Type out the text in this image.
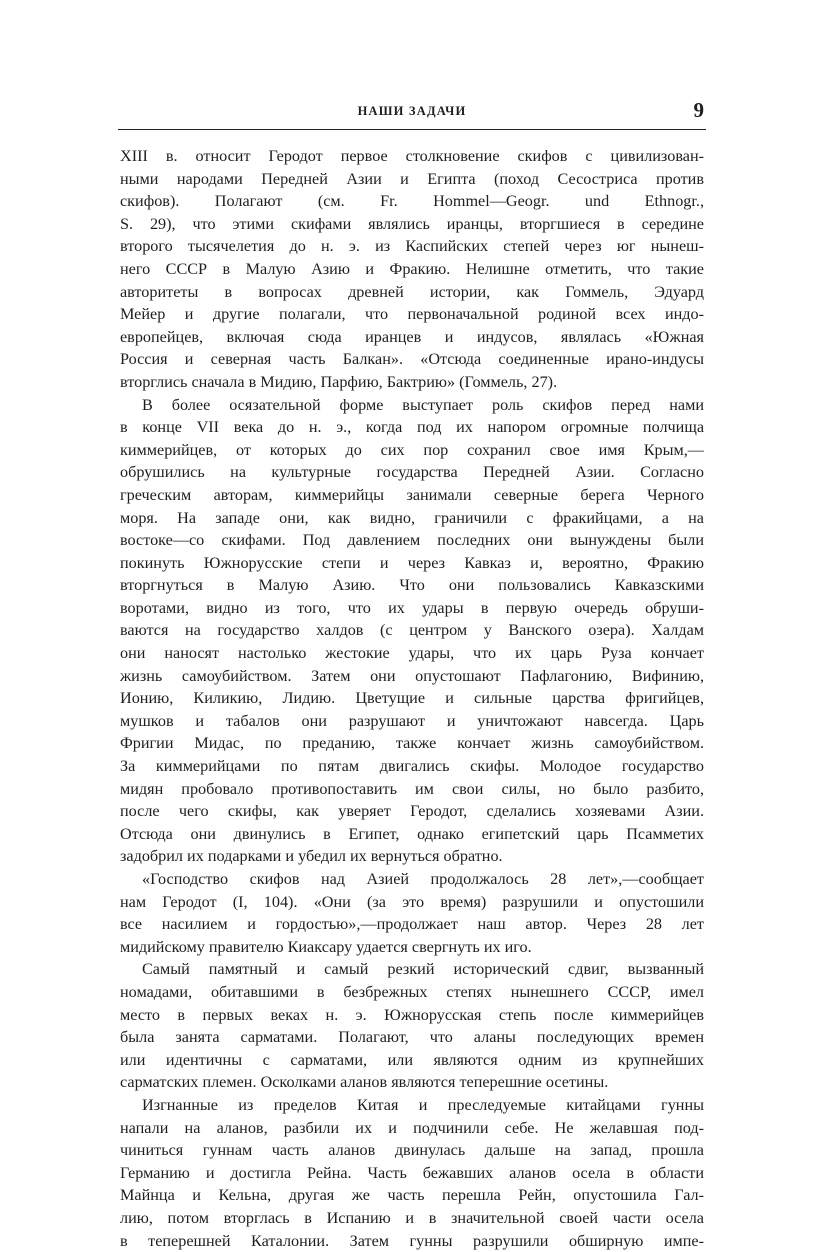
НАШИ ЗАДАЧИ	9
XIII в. относит Геродот первое столкновение скифов с цивилизован-
ными народами Передней Азии и Египта (поход Сесостриса против
скифов). Полагают (см. Fr. Hommel—Geogr. und Ethnogr.,
S. 29), что этими скифами являлись иранцы, вторгшиеся в середине
второго тысячелетия до н. э. из Каспийских степей через юг нынеш-
него СССР в Малую Азию и Фракию. Нелишне отметить, что такие
авторитеты в вопросах древней истории, как Гоммель, Эдуард
Мейер и другие полагали, что первоначальной родиной всех индо-
европейцев, включая сюда иранцев и индусов, являлась «Южная
Россия и северная часть Балкан». «Отсюда соединенные ирано-индусы
вторглись сначала в Мидию, Парфию, Бактрию» (Гоммель, 27).
В более осязательной форме выступает роль скифов перед нами
в конце VII века до н. э., когда под их напором огромные полчища
киммерийцев, от которых до сих пор сохранил свое имя Крым,—
обрушились на культурные государства Передней Азии. Согласно
греческим авторам, киммерийцы занимали северные берега Черного
моря. На западе они, как видно, граничили с фракийцами, а на
востоке—со скифами. Под давлением последних они вынуждены были
покинуть Южнорусские степи и через Кавказ и, вероятно, Фракию
вторгнуться в Малую Азию. Что они пользовались Кавказскими
воротами, видно из того, что их удары в первую очередь обруши-
ваются на государство халдов (с центром у Ванского озера). Халдам
они наносят настолько жестокие удары, что их царь Руза кончает
жизнь самоубийством. Затем они опустошают Пафлагонию, Вифинию,
Ионию, Киликию, Лидию. Цветущие и сильные царства фригийцев,
мушков и табалов они разрушают и уничтожают навсегда. Царь
Фригии Мидас, по преданию, также кончает жизнь самоубийством.
За киммерийцами по пятам двигались скифы. Молодое государство
мидян пробовало противопоставить им свои силы, но было разбито,
после чего скифы, как уверяет Геродот, сделались хозяевами Азии.
Отсюда они двинулись в Египет, однако египетский царь Псамметих
задобрил их подарками и убедил их вернуться обратно.
«Господство скифов над Азией продолжалось 28 лет»,—сообщает
нам Геродот (I, 104). «Они (за это время) разрушили и опустошили
все насилием и гордостью»,—продолжает наш автор. Через 28 лет
мидийскому правителю Киаксару удается свергнуть их иго.
Самый памятный и самый резкий исторический сдвиг, вызванный
номадами, обитавшими в безбрежных степях нынешнего СССР, имел
место в первых веках н. э. Южнорусская степь после киммерийцев
была занята сарматами. Полагают, что аланы последующих времен
или идентичны с сарматами, или являются одним из крупнейших
сарматских племен. Осколками аланов являются теперешние осетины.
Изгнанные из пределов Китая и преследуемые китайцами гунны
напали на аланов, разбили их и подчинили себе. Не желавшая под-
чиниться гуннам часть аланов двинулась дальше на запад, прошла
Германию и достигла Рейна. Часть бежавших аланов осела в области
Майнца и Кельна, другая же часть перешла Рейн, опустошила Гал-
лию, потом вторглась в Испанию и в значительной своей части осела
в теперешней Каталонии. Затем гунны разрушили обширную импе-
